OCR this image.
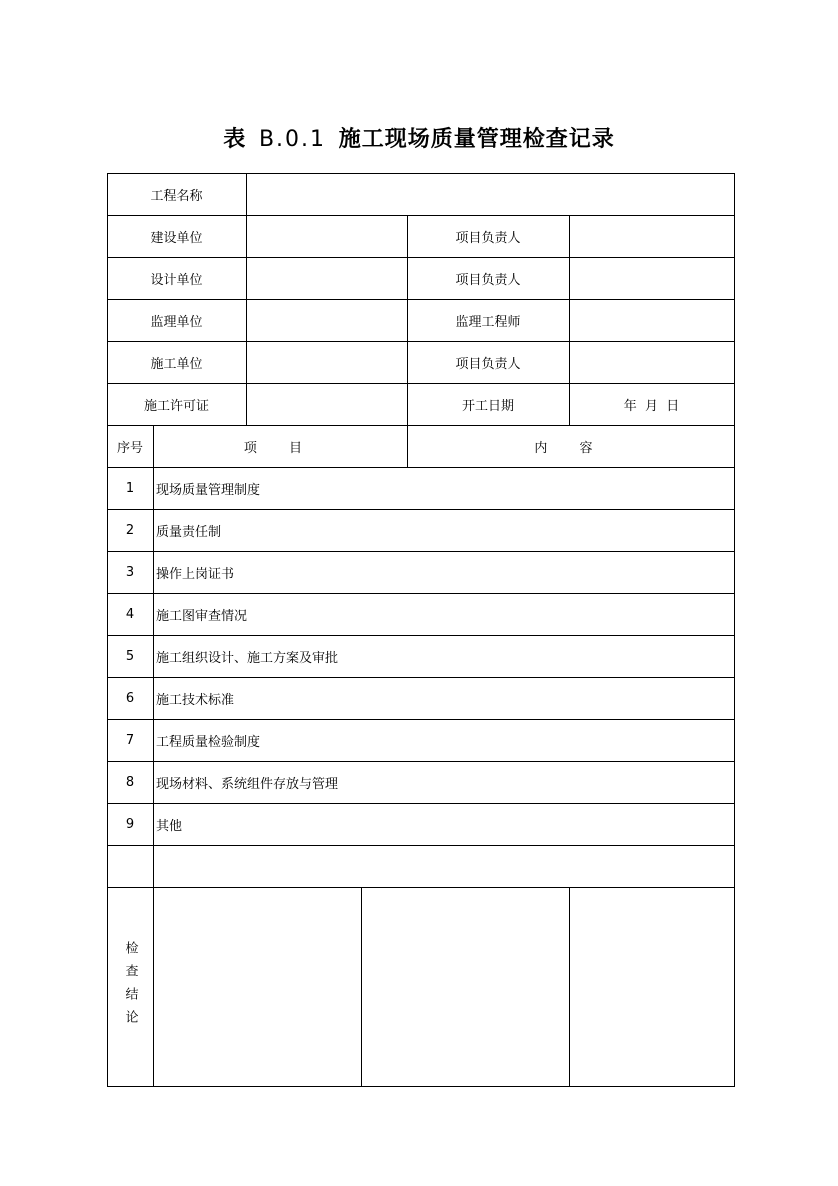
表 B.0.1 施工现场质量管理检查记录
工程名称
建设单位	项目负责人
设计单位	项目负责人
监理单位	监理工程师
施工单位	项目负责人
施工许可证	开工日期	年  月  日
序号	项 目	内 容
1	现场质量管理制度
2	质量责任制
3	操作上岗证书
4	施工图审查情况
5	施工组织设计、施工方案及审批
6	施工技术标准
7	工程质量检验制度
8	现场材料、系统组件存放与管理
9	其他
检查结论
